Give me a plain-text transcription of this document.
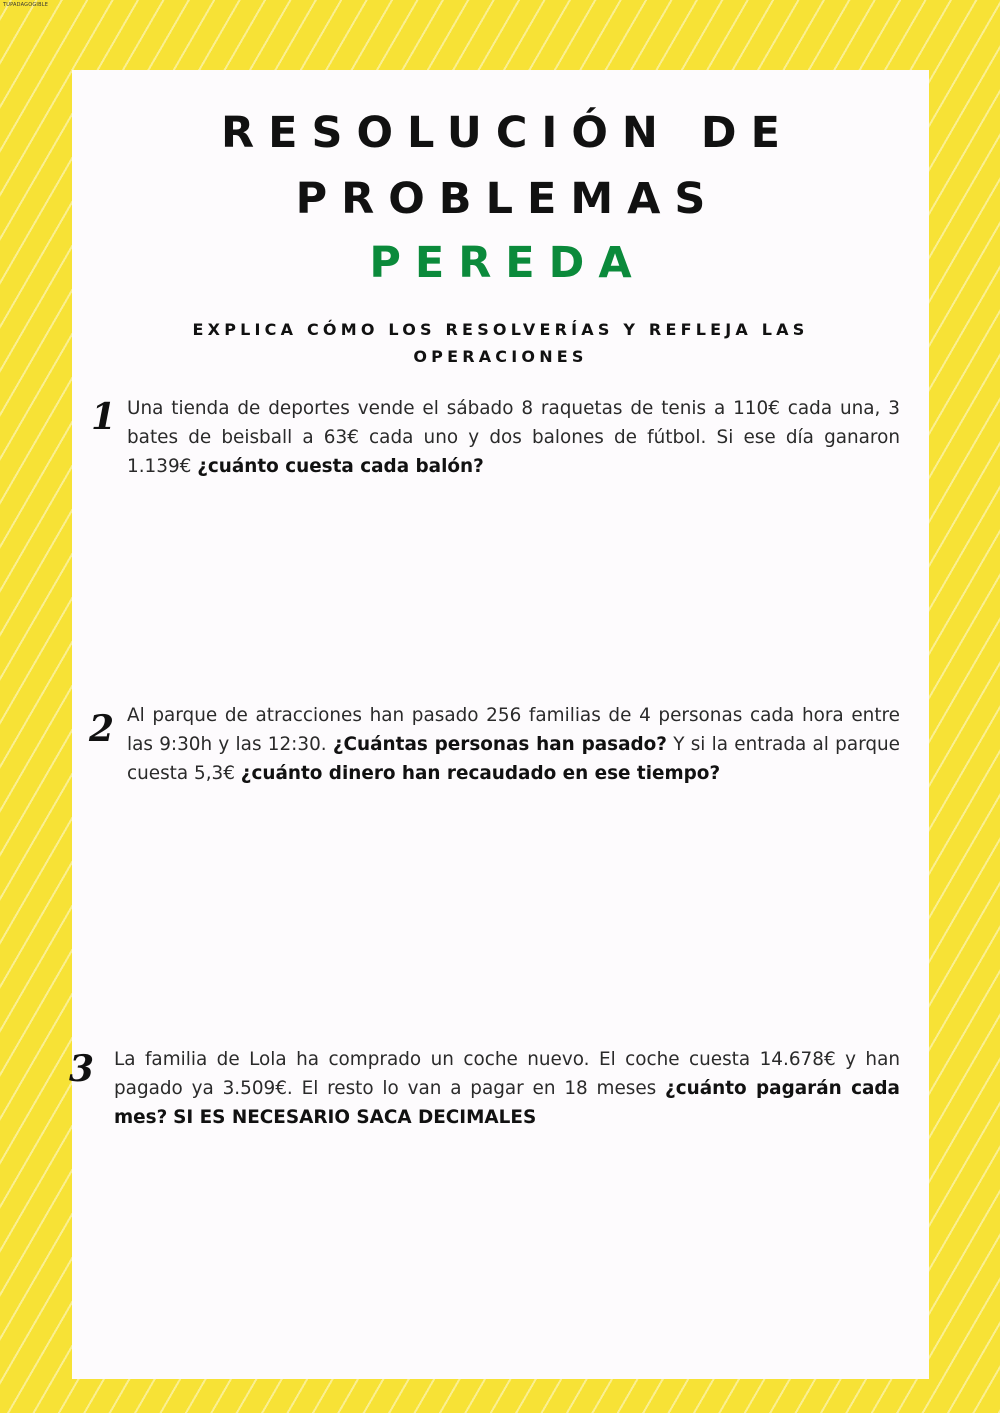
TUPADAGOGIBLE
RESOLUCIÓN DE
PROBLEMAS
PEREDA
EXPLICA CÓMO LOS RESOLVERÍAS Y REFLEJA LAS OPERACIONES
1 Una tienda de deportes vende el sábado 8 raquetas de tenis a 110€ cada una, 3 bates de beisball a 63€ cada uno y dos balones de fútbol. Si ese día ganaron 1.139€ ¿cuánto cuesta cada balón?
2 Al parque de atracciones han pasado 256 familias de 4 personas cada hora entre las 9:30h y las 12:30. ¿Cuántas personas han pasado? Y si la entrada al parque cuesta 5,3€ ¿cuánto dinero han recaudado en ese tiempo?
3 La familia de Lola ha comprado un coche nuevo. El coche cuesta 14.678€ y han pagado ya 3.509€. El resto lo van a pagar en 18 meses ¿cuánto pagarán cada mes? SI ES NECESARIO SACA DECIMALES
